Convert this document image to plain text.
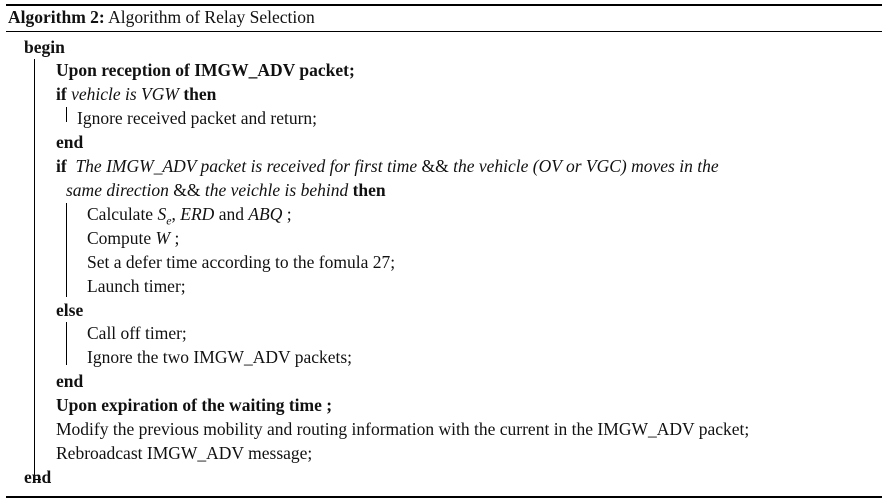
Algorithm 2: Algorithm of Relay Selection
begin
Upon reception of IMGW_ADV packet;
if vehicle is VGW then
Ignore received packet and return;
end
if The IMGW_ADV packet is received for first time && the vehicle (OV or VGC) moves in the
same direction && the veichle is behind then
Calculate $S_e$, ERD and ABQ ;
Compute W ;
Set a defer time according to the fomula 27;
Launch timer;
else
Call off timer;
Ignore the two IMGW_ADV packets;
end
Upon expiration of the waiting time ;
Modify the previous mobility and routing information with the current in the IMGW_ADV packet;
Rebroadcast IMGW_ADV message;
end
